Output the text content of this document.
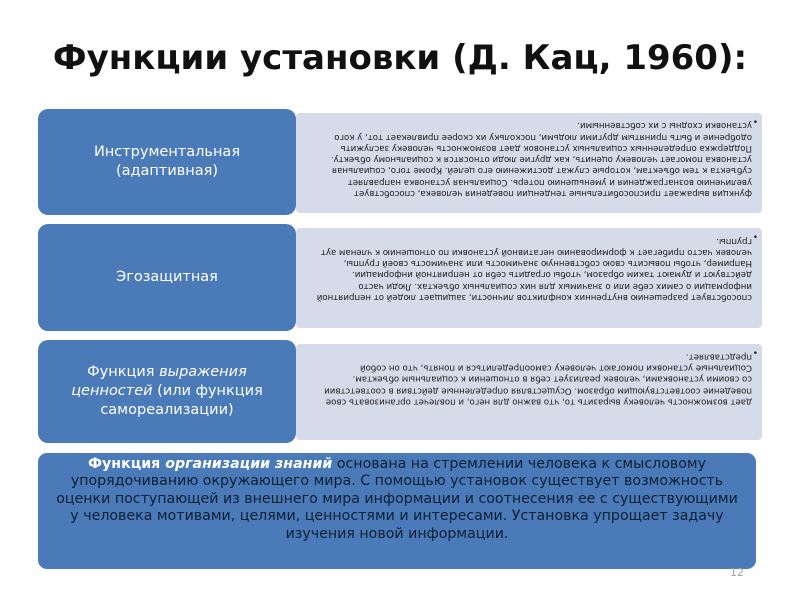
Функции установки (Д. Кац, 1960):
Инструментальная
(адаптивная)
•
функция выражает приспособительные тенденции поведения человека, способствует увеличению вознаграждения и уменьшению потерь. Социальная установка направляет субъекта к тем объектам, которые служат достижению его целей. Кроме того, социальная установка помогает человеку оценить, как другие люди относятся к социальному объекту. Поддержка определенных социальных установок дает возможность человеку заслужить одобрение и быть принятым другими людьми, поскольку их скорее привлекает тот, у кого установки сходны с их собственными.
Эгозащитная
•
способствует разрешению внутренних конфликтов личности, защищает людей от неприятной информации о самих себе или о значимых для них социальных объектах. Люди часто действуют и думают таким образом, чтобы оградить себя от неприятной информации. Например, чтобы повысить свою собственную значимость или значимость своей группы, человек часто прибегает к формированию негативной установки по отношению к членам аут группы.
Функция выражения ценностей (или функция самореализации)
•
дает возможность человеку выразить то, что важно для него, и повлечет организовать свое поведение соответствующим образом. Осуществляя определенные действия в соответствии со своими установками, человек реализует себя в отношении к социальным объектам. Социальные установки помогают человеку самоопределиться и понять, что он собой представляет.
Функция организации знаний основана на стремлении человека к смысловому упорядочиванию окружающего мира. С помощью установок существует возможность оценки поступающей из внешнего мира информации и соотнесения ее с существующими у человека мотивами, целями, ценностями и интересами. Установка упрощает задачу изучения новой информации.
12
